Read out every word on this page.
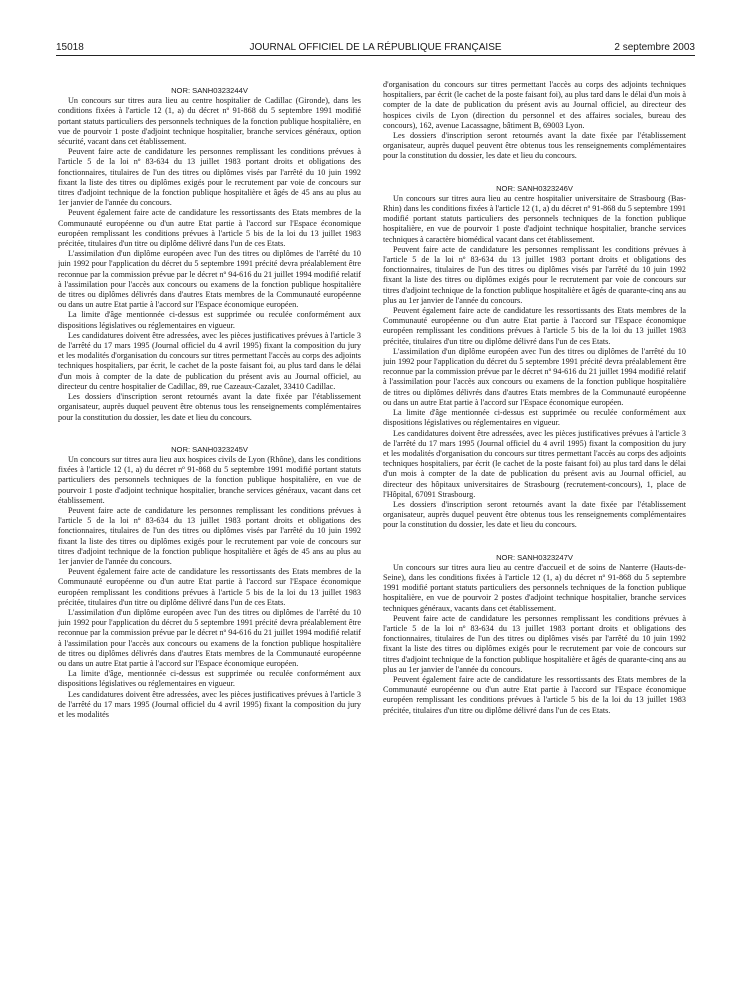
15018	JOURNAL OFFICIEL DE LA RÉPUBLIQUE FRANÇAISE	2 septembre 2003

NOR: SANH0323244V

Un concours sur titres aura lieu au centre hospitalier de Cadillac (Gironde), dans les conditions fixées à l'article 12 (1, a) du décret nº 91-868 du 5 septembre 1991 modifié portant statuts particuliers des personnels techniques de la fonction publique hospitalière, en vue de pourvoir 1 poste d'adjoint technique hospitalier, branche services généraux, option sécurité, vacant dans cet établissement.

Peuvent faire acte de candidature les personnes remplissant les conditions prévues à l'article 5 de la loi nº 83-634 du 13 juillet 1983 portant droits et obligations des fonctionnaires, titulaires de l'un des titres ou diplômes visés par l'arrêté du 10 juin 1992 fixant la liste des titres ou diplômes exigés pour le recrutement par voie de concours sur titres d'adjoint technique de la fonction publique hospitalière et âgés de 45 ans au plus au 1er janvier de l'année du concours.

Peuvent également faire acte de candidature les ressortissants des Etats membres de la Communauté européenne ou d'un autre Etat partie à l'accord sur l'Espace économique européen remplissant les conditions prévues à l'article 5 bis de la loi du 13 juillet 1983 précitée, titulaires d'un titre ou diplôme délivré dans l'un de ces Etats.

L'assimilation d'un diplôme européen avec l'un des titres ou diplômes de l'arrêté du 10 juin 1992 pour l'application du décret du 5 septembre 1991 précité devra préalablement être reconnue par la commission prévue par le décret nº 94-616 du 21 juillet 1994 modifié relatif à l'assimilation pour l'accès aux concours ou examens de la fonction publique hospitalière de titres ou diplômes délivrés dans d'autres Etats membres de la Communauté européenne ou dans un autre Etat partie à l'accord sur l'Espace économique européen.

La limite d'âge mentionnée ci-dessus est supprimée ou reculée conformément aux dispositions législatives ou réglementaires en vigueur.

Les candidatures doivent être adressées, avec les pièces justificatives prévues à l'article 3 de l'arrêté du 17 mars 1995 (Journal officiel du 4 avril 1995) fixant la composition du jury et les modalités d'organisation du concours sur titres permettant l'accès au corps des adjoints techniques hospitaliers, par écrit, le cachet de la poste faisant foi, au plus tard dans le délai d'un mois à compter de la date de publication du présent avis au Journal officiel, au directeur du centre hospitalier de Cadillac, 89, rue Cazeaux-Cazalet, 33410 Cadillac.

Les dossiers d'inscription seront retournés avant la date fixée par l'établissement organisateur, auprès duquel peuvent être obtenus tous les renseignements complémentaires pour la constitution du dossier, les date et lieu du concours.

NOR: SANH0323245V

Un concours sur titres aura lieu aux hospices civils de Lyon (Rhône), dans les conditions fixées à l'article 12 (1, a) du décret nº 91-868 du 5 septembre 1991 modifié portant statuts particuliers des personnels techniques de la fonction publique hospitalière, en vue de pourvoir 1 poste d'adjoint technique hospitalier, branche services généraux, vacant dans cet établissement.

Peuvent faire acte de candidature les personnes remplissant les conditions prévues à l'article 5 de la loi nº 83-634 du 13 juillet 1983 portant droits et obligations des fonctionnaires, titulaires de l'un des titres ou diplômes visés par l'arrêté du 10 juin 1992 fixant la liste des titres ou diplômes exigés pour le recrutement par voie de concours sur titres d'adjoint technique de la fonction publique hospitalière et âgés de 45 ans au plus au 1er janvier de l'année du concours.

Peuvent également faire acte de candidature les ressortissants des Etats membres de la Communauté européenne ou d'un autre Etat partie à l'accord sur l'Espace économique européen remplissant les conditions prévues à l'article 5 bis de la loi du 13 juillet 1983 précitée, titulaires d'un titre ou diplôme délivré dans l'un de ces Etats.

L'assimilation d'un diplôme européen avec l'un des titres ou diplômes de l'arrêté du 10 juin 1992 pour l'application du décret du 5 septembre 1991 précité devra préalablement être reconnue par la commission prévue par le décret nº 94-616 du 21 juillet 1994 modifié relatif à l'assimilation pour l'accès aux concours ou examens de la fonction publique hospitalière de titres ou diplômes délivrés dans d'autres Etats membres de la Communauté européenne ou dans un autre Etat partie à l'accord sur l'Espace économique européen.

La limite d'âge, mentionnée ci-dessus est supprimée ou reculée conformément aux dispositions législatives ou réglementaires en vigueur.

Les candidatures doivent être adressées, avec les pièces justificatives prévues à l'article 3 de l'arrêté du 17 mars 1995 (Journal officiel du 4 avril 1995) fixant la composition du jury et les modalités

d'organisation du concours sur titres permettant l'accès au corps des adjoints techniques hospitaliers, par écrit (le cachet de la poste faisant foi), au plus tard dans le délai d'un mois à compter de la date de publication du présent avis au Journal officiel, au directeur des hospices civils de Lyon (direction du personnel et des affaires sociales, bureau des concours), 162, avenue Lacassagne, bâtiment B, 69003 Lyon.

Les dossiers d'inscription seront retournés avant la date fixée par l'établissement organisateur, auprès duquel peuvent être obtenus tous les renseignements complémentaires pour la constitution du dossier, les date et lieu du concours.

NOR: SANH0323246V

Un concours sur titres aura lieu au centre hospitalier universitaire de Strasbourg (Bas-Rhin) dans les conditions fixées à l'article 12 (1, a) du décret nº 91-868 du 5 septembre 1991 modifié portant statuts particuliers des personnels techniques de la fonction publique hospitalière, en vue de pourvoir 1 poste d'adjoint technique hospitalier, branche services techniques à caractère biomédical vacant dans cet établissement.

Peuvent faire acte de candidature les personnes remplissant les conditions prévues à l'article 5 de la loi nº 83-634 du 13 juillet 1983 portant droits et obligations des fonctionnaires, titulaires de l'un des titres ou diplômes visés par l'arrêté du 10 juin 1992 fixant la liste des titres ou diplômes exigés pour le recrutement par voie de concours sur titres d'adjoint technique de la fonction publique hospitalière et âgés de quarante-cinq ans au plus au 1er janvier de l'année du concours.

Peuvent également faire acte de candidature les ressortissants des Etats membres de la Communauté européenne ou d'un autre Etat partie à l'accord sur l'Espace économique européen remplissant les conditions prévues à l'article 5 bis de la loi du 13 juillet 1983 précitée, titulaires d'un titre ou diplôme délivré dans l'un de ces Etats.

L'assimilation d'un diplôme européen avec l'un des titres ou diplômes de l'arrêté du 10 juin 1992 pour l'application du décret du 5 septembre 1991 précité devra préalablement être reconnue par la commission prévue par le décret nº 94-616 du 21 juillet 1994 modifié relatif à l'assimilation pour l'accès aux concours ou examens de la fonction publique hospitalière de titres ou diplômes délivrés dans d'autres Etats membres de la Communauté européenne ou dans un autre Etat partie à l'accord sur l'Espace économique européen.

La limite d'âge mentionnée ci-dessus est supprimée ou reculée conformément aux dispositions législatives ou réglementaires en vigueur.

Les candidatures doivent être adressées, avec les pièces justificatives prévues à l'article 3 de l'arrêté du 17 mars 1995 (Journal officiel du 4 avril 1995) fixant la composition du jury et les modalités d'organisation du concours sur titres permettant l'accès au corps des adjoints techniques hospitaliers, par écrit (le cachet de la poste faisant foi) au plus tard dans le délai d'un mois à compter de la date de publication du présent avis au Journal officiel, au directeur des hôpitaux universitaires de Strasbourg (recrutement-concours), 1, place de l'Hôpital, 67091 Strasbourg.

Les dossiers d'inscription seront retournés avant la date fixée par l'établissement organisateur, auprès duquel peuvent être obtenus tous les renseignements complémentaires pour la constitution du dossier, les date et lieu du concours.

NOR: SANH0323247V

Un concours sur titres aura lieu au centre d'accueil et de soins de Nanterre (Hauts-de-Seine), dans les conditions fixées à l'article 12 (1, a) du décret nº 91-868 du 5 septembre 1991 modifié portant statuts particuliers des personnels techniques de la fonction publique hospitalière, en vue de pourvoir 2 postes d'adjoint technique hospitalier, branche services techniques généraux, vacants dans cet établissement.

Peuvent faire acte de candidature les personnes remplissant les conditions prévues à l'article 5 de la loi nº 83-634 du 13 juillet 1983 portant droits et obligations des fonctionnaires, titulaires de l'un des titres ou diplômes visés par l'arrêté du 10 juin 1992 fixant la liste des titres ou diplômes exigés pour le recrutement par voie de concours sur titres d'adjoint technique de la fonction publique hospitalière et âgés de quarante-cinq ans au plus au 1er janvier de l'année du concours.

Peuvent également faire acte de candidature les ressortissants des Etats membres de la Communauté européenne ou d'un autre Etat partie à l'accord sur l'Espace économique européen remplissant les conditions prévues à l'article 5 bis de la loi du 13 juillet 1983 précitée, titulaires d'un titre ou diplôme délivré dans l'un de ces Etats.
